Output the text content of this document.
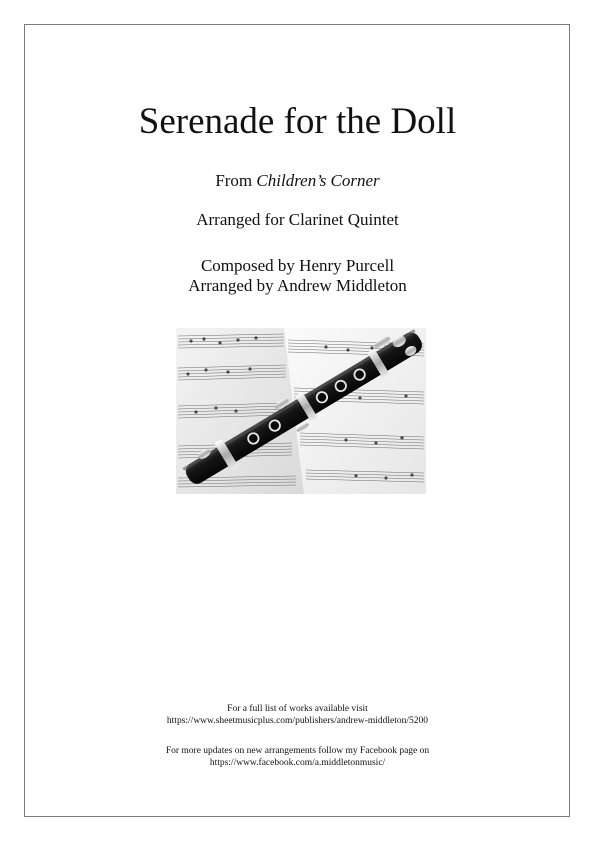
Serenade for the Doll
From Children’s Corner
Arranged for Clarinet Quintet
Composed by Henry Purcell
Arranged by Andrew Middleton
For a full list of works available visit
https://www.sheetmusicplus.com/publishers/andrew-middleton/5200
For more updates on new arrangements follow my Facebook page on
https://www.facebook.com/a.middletonmusic/
